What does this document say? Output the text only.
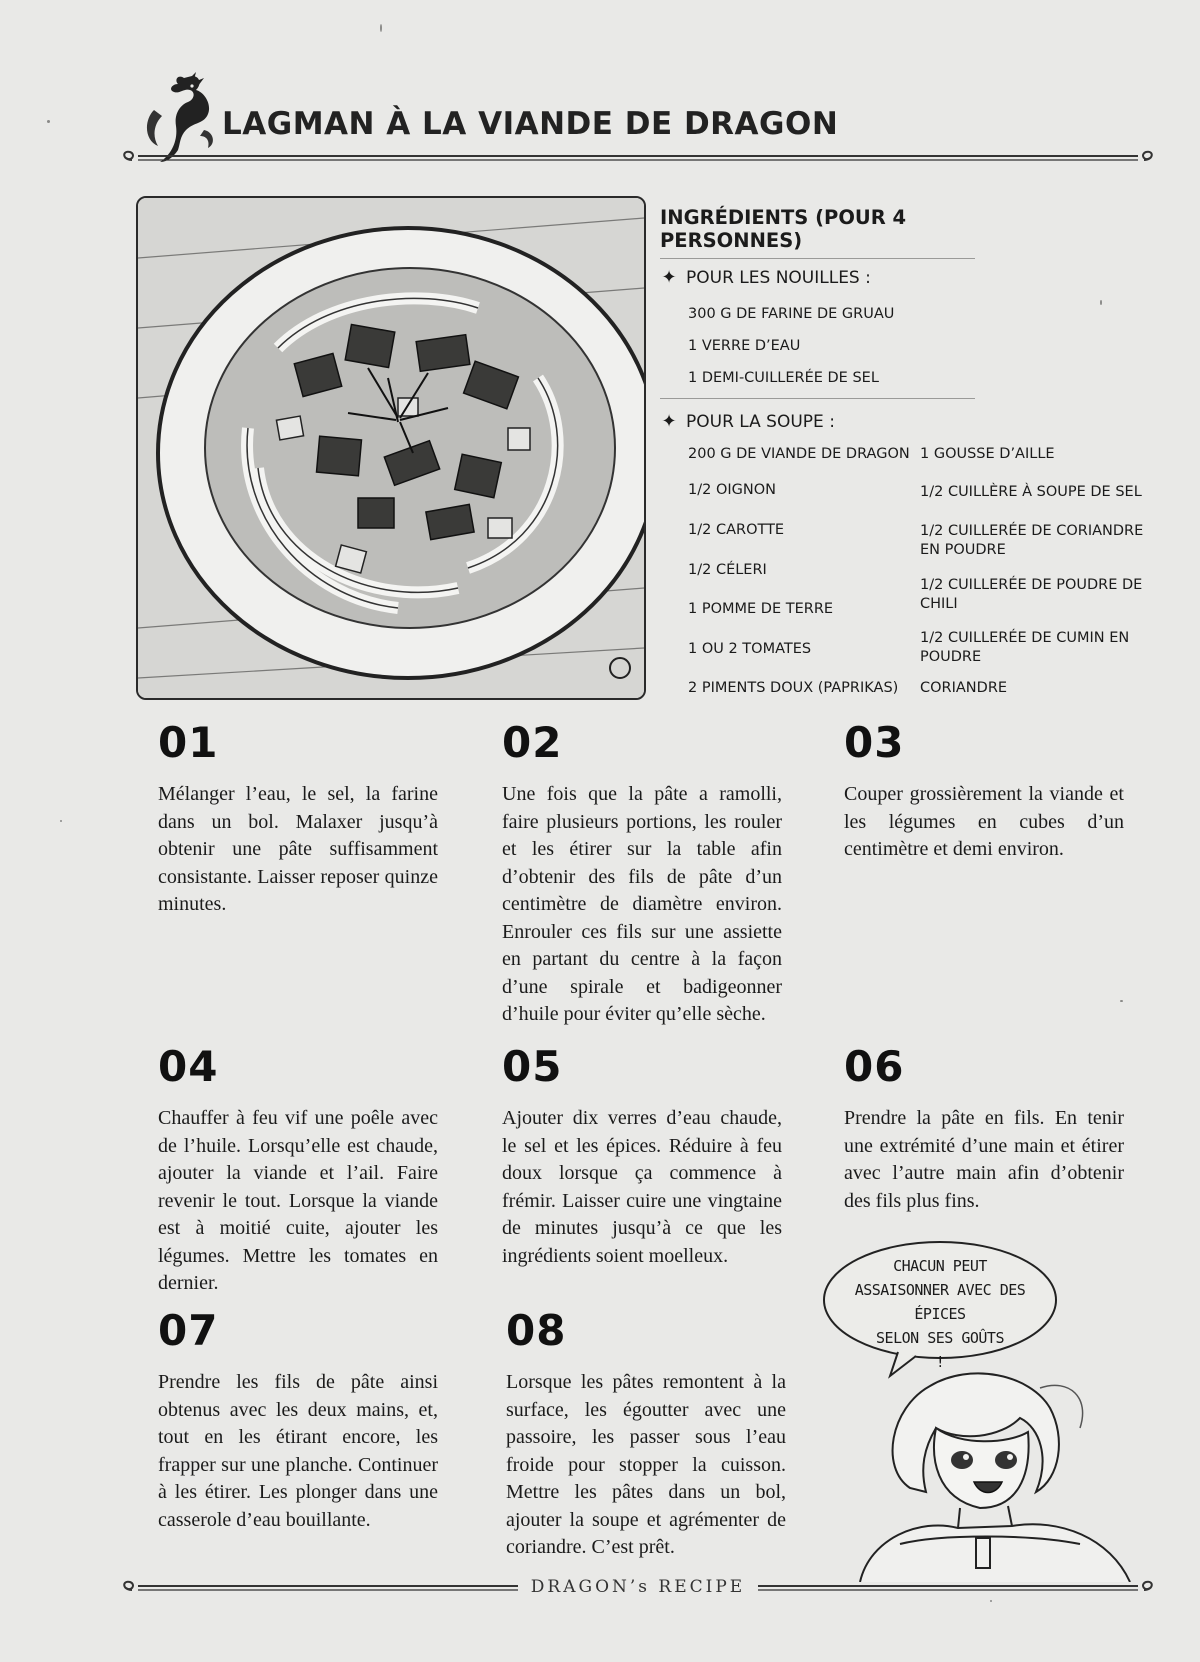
LAGMAN À LA VIANDE DE DRAGON
INGRÉDIENTS (POUR 4 PERSONNES)
✦ POUR LES NOUILLES :
300 G DE FARINE DE GRUAU
1 VERRE D’EAU
1 DEMI-CUILLERÉE DE SEL
✦ POUR LA SOUPE :
200 G DE VIANDE DE DRAGON
1/2 OIGNON
1/2 CAROTTE
1/2 CÉLERI
1 POMME DE TERRE
1 OU 2 TOMATES
2 PIMENTS DOUX (PAPRIKAS)
1 GOUSSE D’AILLE
1/2 CUILLÈRE À SOUPE DE SEL
1/2 CUILLERÉE DE CORIANDRE EN POUDRE
1/2 CUILLERÉE DE POUDRE DE CHILI
1/2 CUILLERÉE DE CUMIN EN POUDRE
CORIANDRE

01

Mélanger l’eau, le sel, la farine dans un bol. Malaxer jusqu’à obtenir une pâte suffisamment consistante. Laisser reposer quinze minutes.

02

Une fois que la pâte a ramolli, faire plusieurs portions, les rouler et les étirer sur la table afin d’obtenir des fils de pâte d’un centimètre de diamètre environ. Enrouler ces fils sur une assiette en partant du centre à la façon d’une spirale et badigeonner d’huile pour éviter qu’elle sèche.

03

Couper grossièrement la viande et les légumes en cubes d’un centimètre et demi environ.

04

Chauffer à feu vif une poêle avec de l’huile. Lorsqu’elle est chaude, ajouter la viande et l’ail. Faire revenir le tout. Lorsque la viande est à moitié cuite, ajouter les légumes. Mettre les tomates en dernier.

05

Ajouter dix verres d’eau chaude, le sel et les épices. Réduire à feu doux lorsque ça commence à frémir. Laisser cuire une vingtaine de minutes jusqu’à ce que les ingrédients soient moelleux.

06

Prendre la pâte en fils. En tenir une extrémité d’une main et étirer avec l’autre main afin d’obtenir des fils plus fins.

07

Prendre les fils de pâte ainsi obtenus avec les deux mains, et, tout en les étirant encore, les frapper sur une planche. Continuer à les étirer. Les plonger dans une casserole d’eau bouillante.

08

Lorsque les pâtes remontent à la surface, les égoutter avec une passoire, les passer sous l’eau froide pour stopper la cuisson. Mettre les pâtes dans un bol, ajouter la soupe et agrémenter de coriandre. C’est prêt.

CHACUN PEUT
ASSAISONNER AVEC DES ÉPICES
SELON SES GOÛTS
!
DRAGON’s RECIPE
